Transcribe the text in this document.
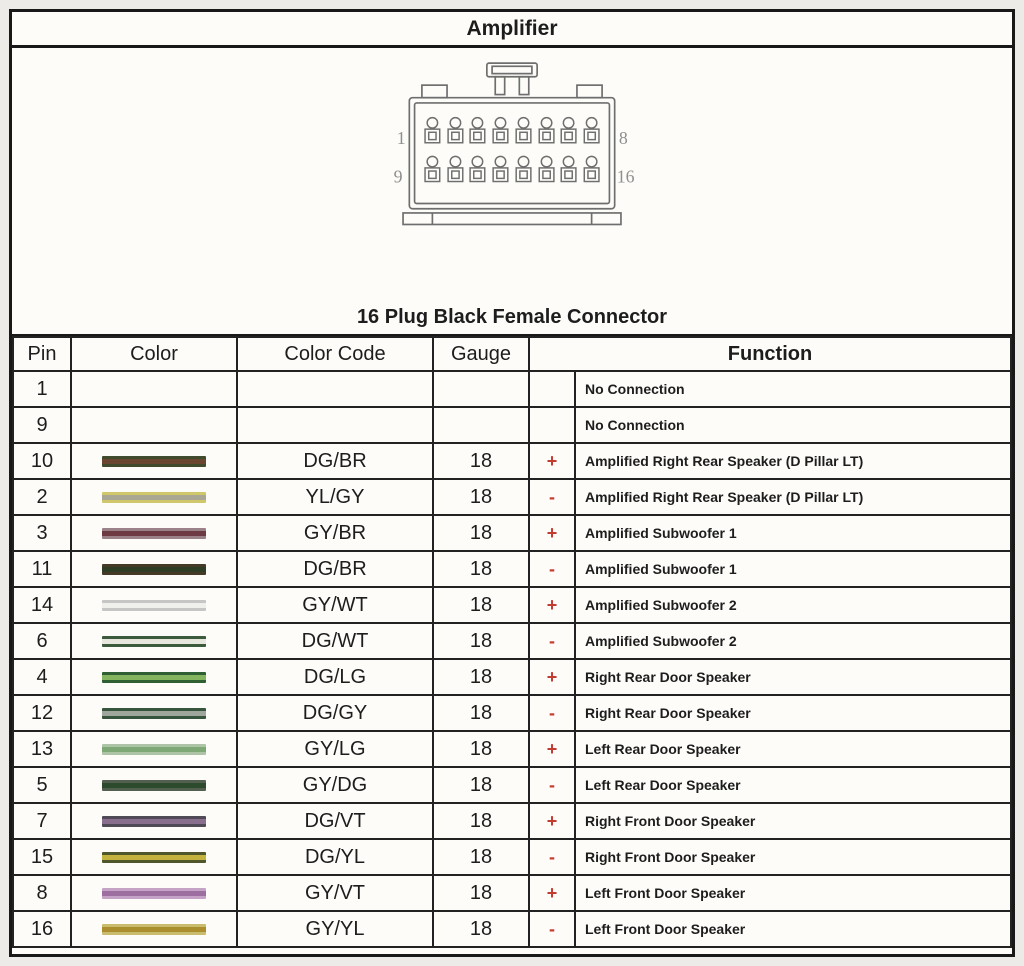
Amplifier
1	8
9	16
16 Plug Black Female Connector
Pin	Color	Color Code	Gauge	Function	
1					No Connection
9					No Connection
10		DG/BR	18	+	Amplified Right Rear Speaker (D Pillar LT)
2		YL/GY	18	-	Amplified Right Rear Speaker (D Pillar LT)
3		GY/BR	18	+	Amplified Subwoofer 1
11		DG/BR	18	-	Amplified Subwoofer 1
14		GY/WT	18	+	Amplified Subwoofer 2
6		DG/WT	18	-	Amplified Subwoofer 2
4		DG/LG	18	+	Right Rear Door Speaker
12		DG/GY	18	-	Right Rear Door Speaker
13		GY/LG	18	+	Left Rear Door Speaker
5		GY/DG	18	-	Left Rear Door Speaker
7		DG/VT	18	+	Right Front Door Speaker
15		DG/YL	18	-	Right Front Door Speaker
8		GY/VT	18	+	Left Front Door Speaker
16		GY/YL	18	-	Left Front Door Speaker
